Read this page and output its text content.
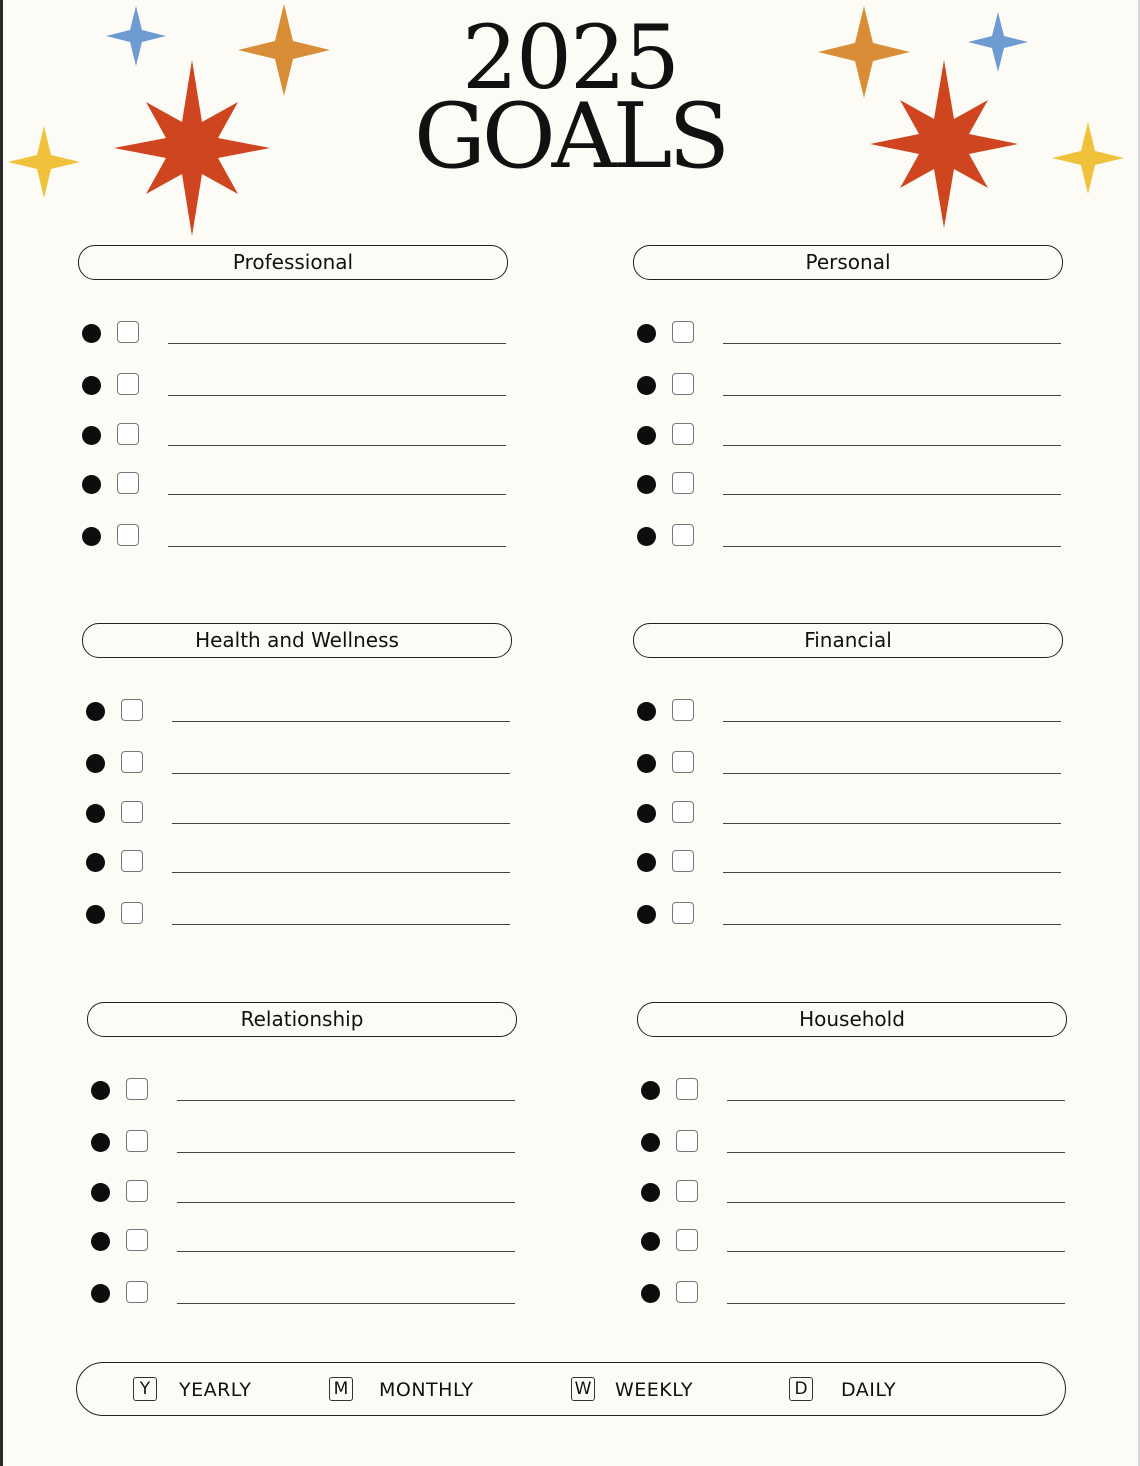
2025
GOALS
Professional	Personal
Health and Wellness	Financial
Relationship	Household
Y	YEARLY	M MONTHLY	W WEEKLY	D DAILY
